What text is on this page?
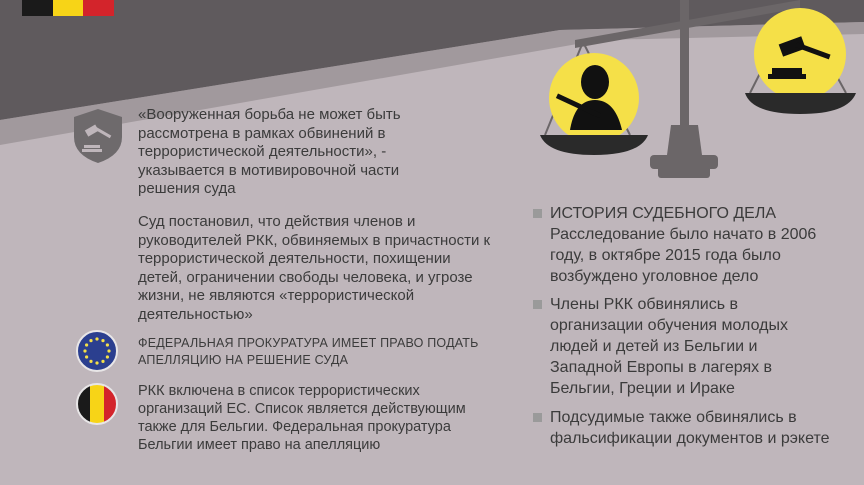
«Вооруженная борьба не может быть рассмотрена в рамках обвинений в террористической деятельности», - указывается в мотивировочной части решения суда
Суд постановил, что действия членов и руководителей РКК, обвиняемых в причастности к террористической деятельности, похищении детей, ограничении свободы человека, и угрозе жизни, не являются «террористической деятельностью»
ФЕДЕРАЛЬНАЯ ПРОКУРАТУРА ИМЕЕТ ПРАВО ПОДАТЬ АПЕЛЛЯЦИЮ НА РЕШЕНИЕ СУДА
РКК включена в список террористических организаций ЕС. Список является действующим также для Бельгии. Федеральная прокуратура Бельгии имеет право на апелляцию
ИСТОРИЯ СУДЕБНОГО ДЕЛА
Расследование было начато в 2006 году, в октябре 2015 года было возбуждено уголовное дело
Члены РКК обвинялись в организации обучения молодых людей и детей из Бельгии и Западной Европы в лагерях в Бельгии, Греции и Ираке
Подсудимые также обвинялись в фальсификации документов и рэкете
